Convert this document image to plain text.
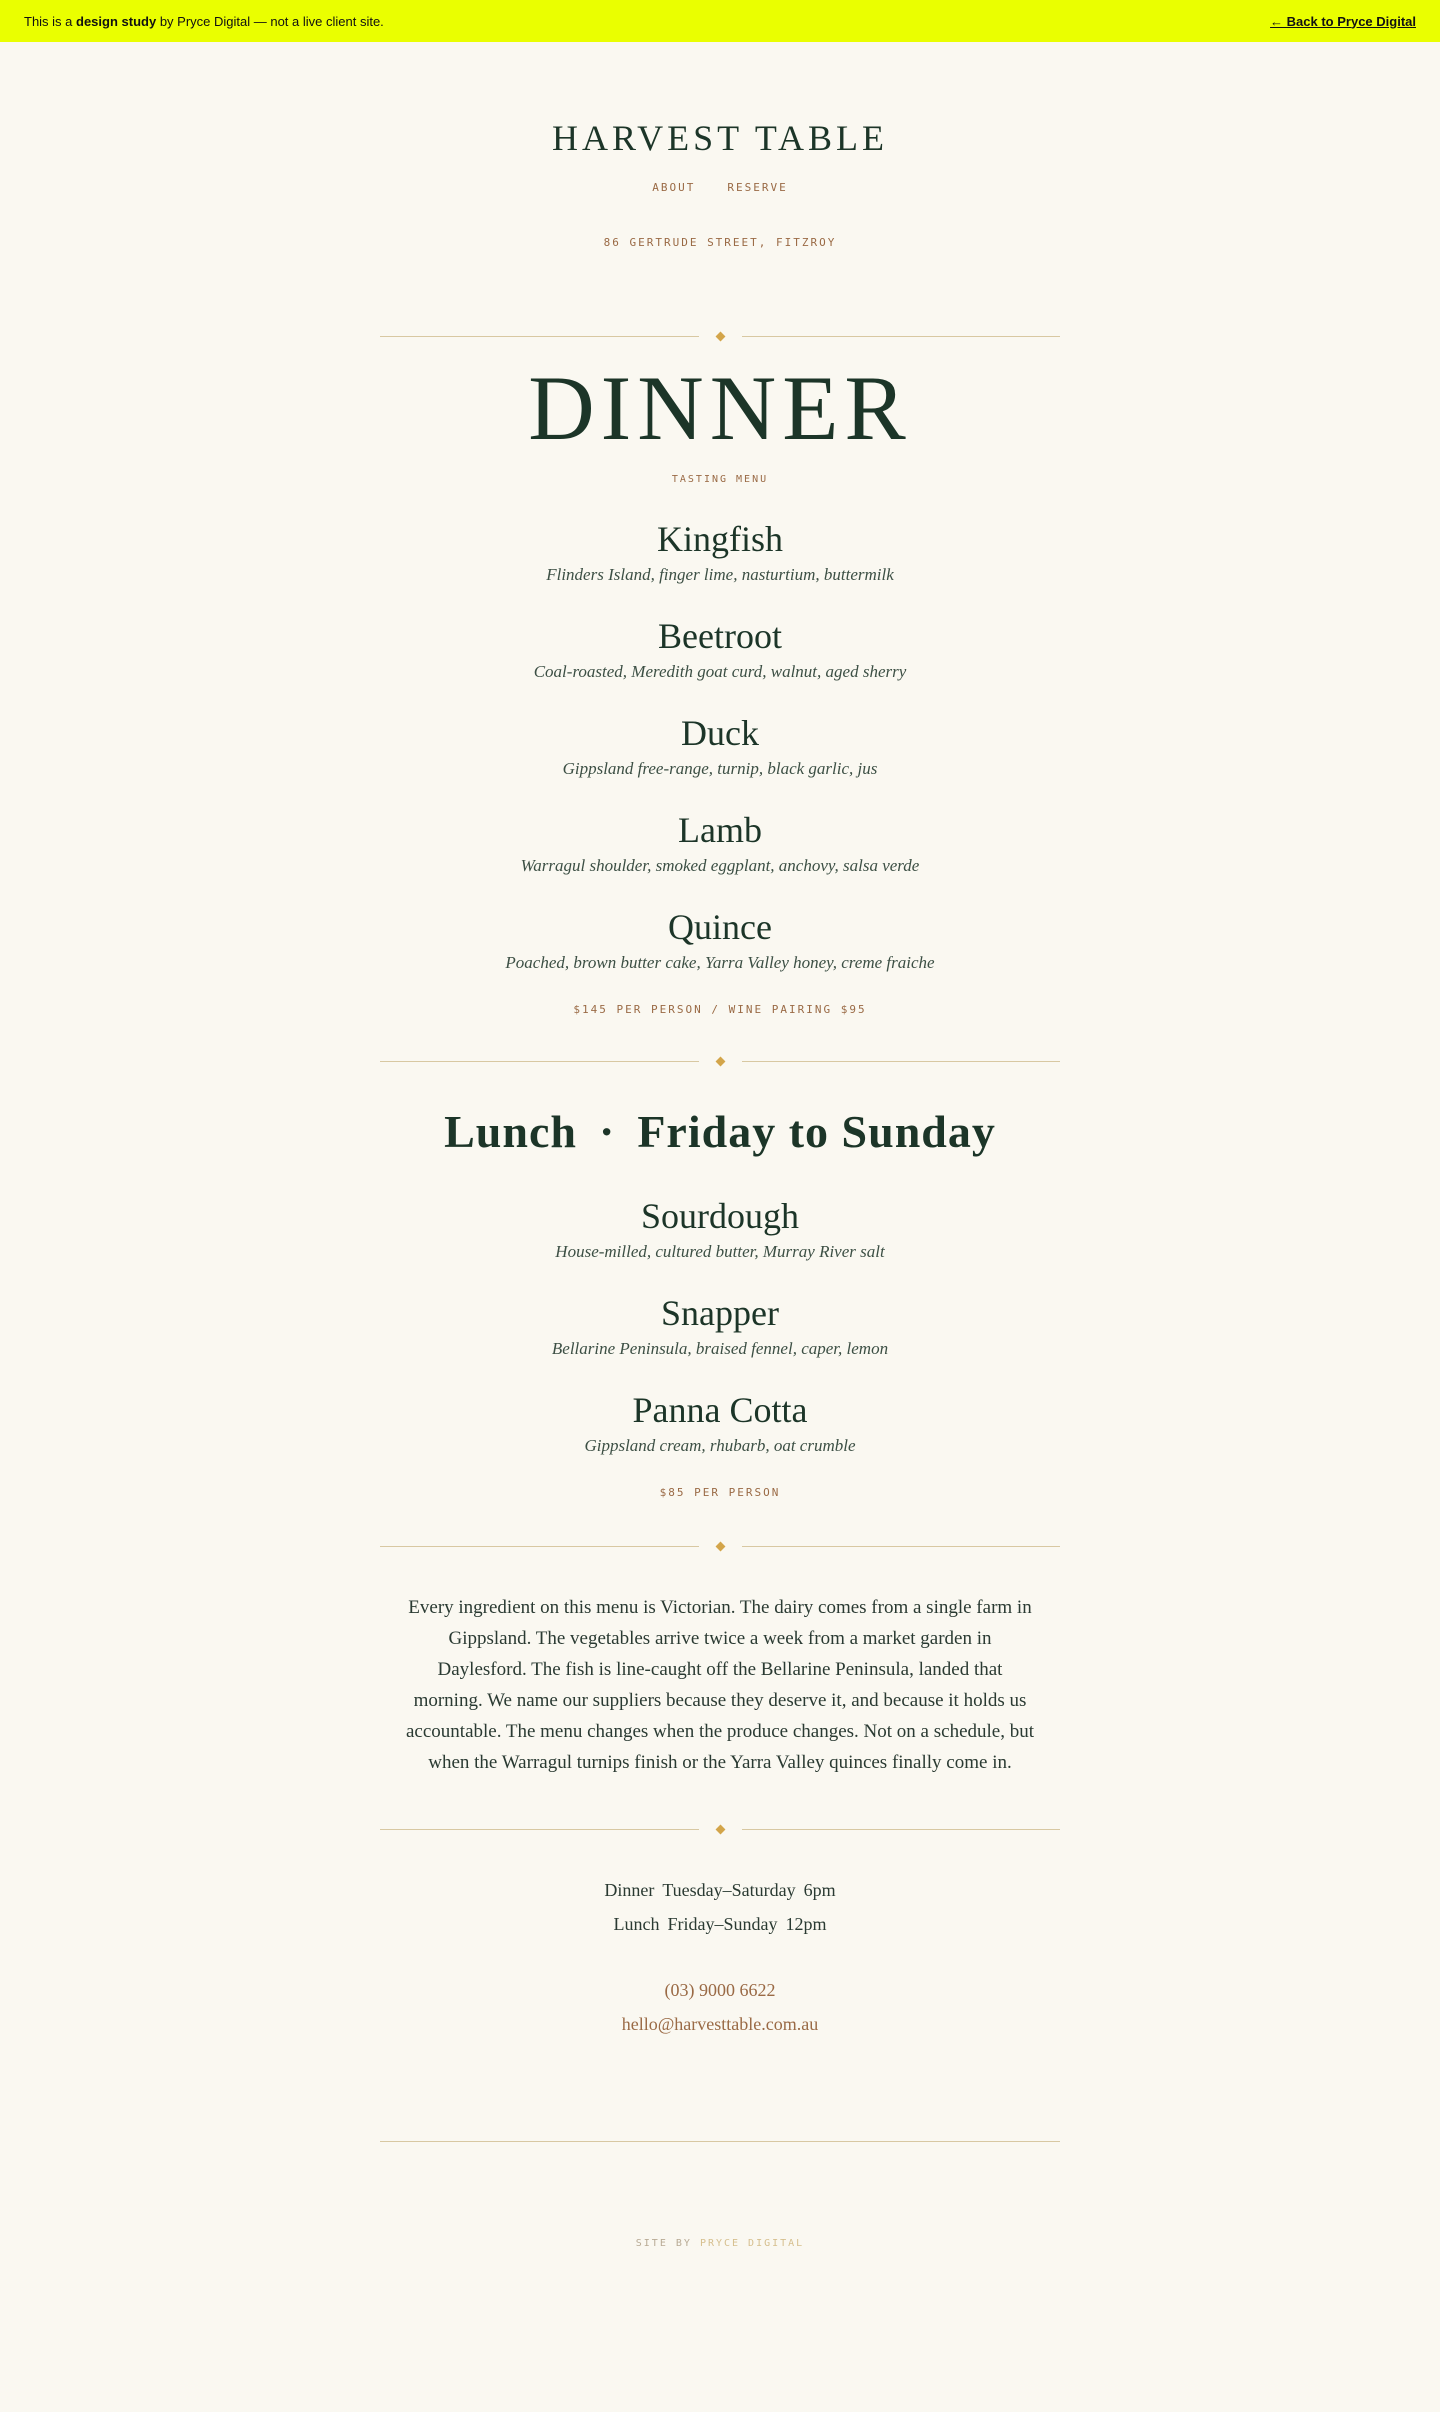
This is a design study by Pryce Digital — not a live client site.	← Back to Pryce Digital
HARVEST TABLE
ABOUT	RESERVE
86 GERTRUDE STREET, FITZROY
DINNER
TASTING MENU
Kingfish
Flinders Island, finger lime, nasturtium, buttermilk
Beetroot
Coal-roasted, Meredith goat curd, walnut, aged sherry
Duck
Gippsland free-range, turnip, black garlic, jus
Lamb
Warragul shoulder, smoked eggplant, anchovy, salsa verde
Quince
Poached, brown butter cake, Yarra Valley honey, creme fraiche
$145 PER PERSON / WINE PAIRING $95
Lunch · Friday to Sunday
Sourdough
House-milled, cultured butter, Murray River salt
Snapper
Bellarine Peninsula, braised fennel, caper, lemon
Panna Cotta
Gippsland cream, rhubarb, oat crumble
$85 PER PERSON

Every ingredient on this menu is Victorian. The dairy comes from a single farm in Gippsland. The vegetables arrive twice a week from a market garden in Daylesford. The fish is line-caught off the Bellarine Peninsula, landed that morning. We name our suppliers because they deserve it, and because it holds us accountable. The menu changes when the produce changes. Not on a schedule, but when the Warragul turnips finish or the Yarra Valley quinces finally come in.

Dinner Tuesday–Saturday 6pm
Lunch Friday–Sunday 12pm
(03) 9000 6622
hello@harvesttable.com.au
SITE BY PRYCE DIGITAL
